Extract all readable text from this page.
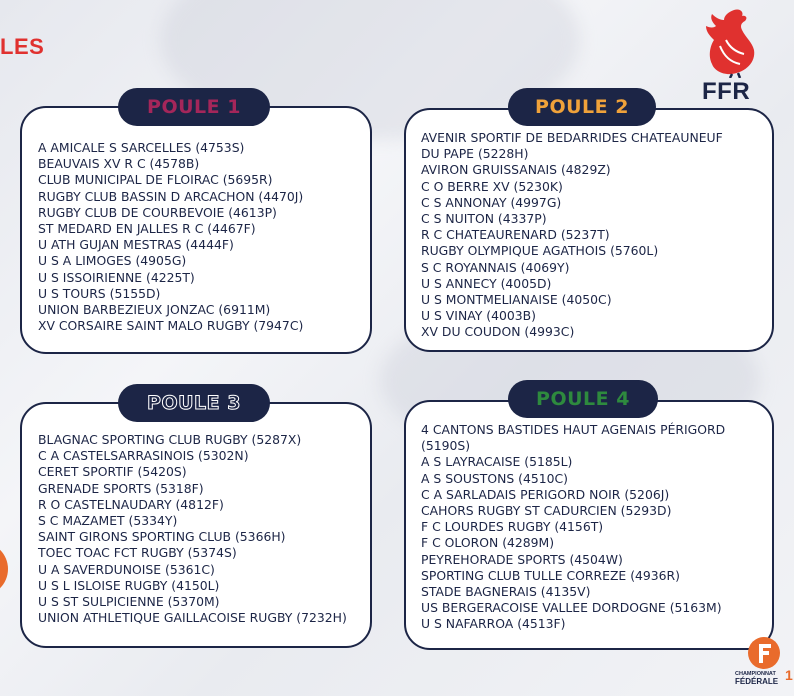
LES
FFR
POULE 1
A AMICALE S SARCELLES (4753S)
BEAUVAIS XV R C (4578B)
CLUB MUNICIPAL DE FLOIRAC (5695R)
RUGBY CLUB BASSIN D ARCACHON (4470J)
RUGBY CLUB DE COURBEVOIE (4613P)
ST MEDARD EN JALLES R C (4467F)
U ATH GUJAN MESTRAS (4444F)
U S A LIMOGES (4905G)
U S ISSOIRIENNE (4225T)
U S TOURS (5155D)
UNION BARBEZIEUX JONZAC (6911M)
XV CORSAIRE SAINT MALO RUGBY (7947C)
POULE 2
AVENIR SPORTIF DE BEDARRIDES CHATEAUNEUF
DU PAPE (5228H)
AVIRON GRUISSANAIS (4829Z)
C O BERRE XV (5230K)
C S ANNONAY (4997G)
C S NUITON (4337P)
R C CHATEAURENARD (5237T)
RUGBY OLYMPIQUE AGATHOIS (5760L)
S C ROYANNAIS (4069Y)
U S ANNECY (4005D)
U S MONTMELIANAISE (4050C)
U S VINAY (4003B)
XV DU COUDON (4993C)
POULE 3
BLAGNAC SPORTING CLUB RUGBY (5287X)
C A CASTELSARRASINOIS (5302N)
CERET SPORTIF (5420S)
GRENADE SPORTS (5318F)
R O CASTELNAUDARY (4812F)
S C MAZAMET (5334Y)
SAINT GIRONS SPORTING CLUB (5366H)
TOEC TOAC FCT RUGBY (5374S)
U A SAVERDUNOISE (5361C)
U S L ISLOISE RUGBY (4150L)
U S ST SULPICIENNE (5370M)
UNION ATHLETIQUE GAILLACOISE RUGBY (7232H)
POULE 4
4 CANTONS BASTIDES HAUT AGENAIS PÉRIGORD
(5190S)
A S LAYRACAISE (5185L)
A S SOUSTONS (4510C)
C A SARLADAIS PERIGORD NOIR (5206J)
CAHORS RUGBY ST CADURCIEN (5293D)
F C LOURDES RUGBY (4156T)
F C OLORON (4289M)
PEYREHORADE SPORTS (4504W)
SPORTING CLUB TULLE CORREZE (4936R)
STADE BAGNERAIS (4135V)
US BERGERACOISE VALLEE DORDOGNE (5163M)
U S NAFARROA (4513F)
CHAMPIONNAT
FÉDÉRALE 1
